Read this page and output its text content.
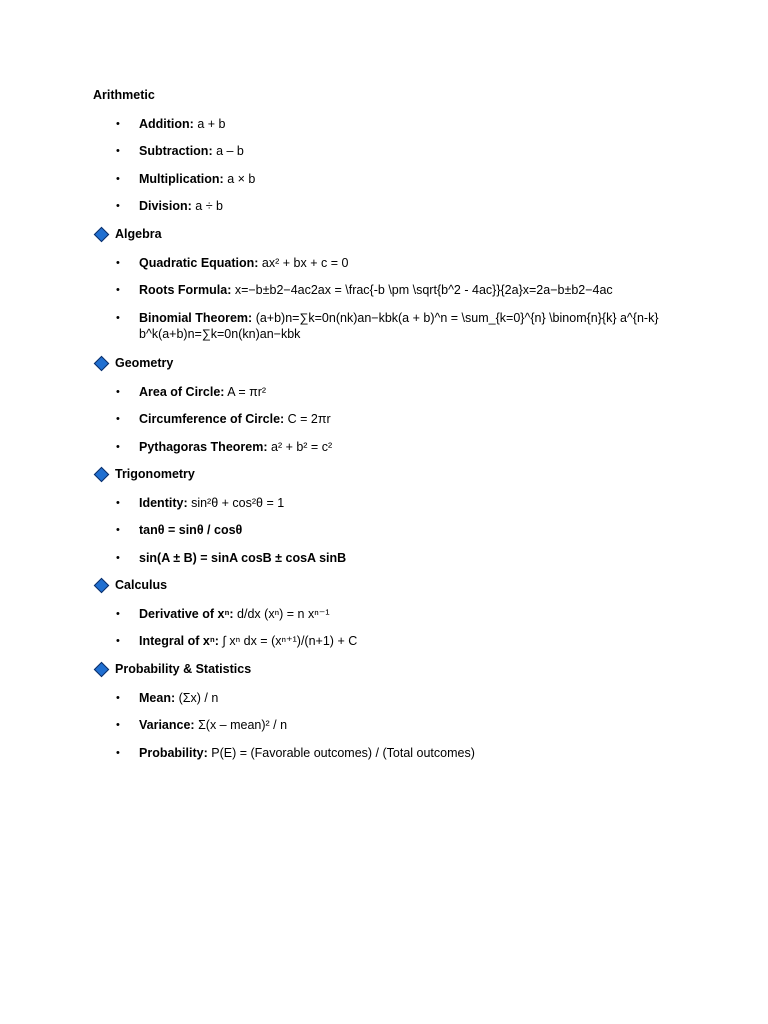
Arithmetic
• Addition: a + b
• Subtraction: a – b
• Multiplication: a × b
• Division: a ÷ b
Algebra
• Quadratic Equation: ax² + bx + c = 0
• Roots Formula: x=−b±b2−4ac2ax = \frac{-b \pm \sqrt{b^2 - 4ac}}{2a}x=2a−b±b2−4ac
• Binomial Theorem: (a+b)n=∑k=0n(nk)an−kbk(a + b)^n = \sum_{k=0}^{n} \binom{n}{k} a^{n-k} b^k(a+b)n=∑k=0n(kn)an−kbk
Geometry
• Area of Circle: A = πr²
• Circumference of Circle: C = 2πr
• Pythagoras Theorem: a² + b² = c²
Trigonometry
• Identity: sin²θ + cos²θ = 1
• tanθ = sinθ / cosθ
• sin(A ± B) = sinA cosB ± cosA sinB
Calculus
• Derivative of xⁿ: d/dx (xⁿ) = n xⁿ⁻¹
• Integral of xⁿ: ∫ xⁿ dx = (xⁿ⁺¹)/(n+1) + C
Probability & Statistics
• Mean: (Σx) / n
• Variance: Σ(x – mean)² / n
• Probability: P(E) = (Favorable outcomes) / (Total outcomes)
